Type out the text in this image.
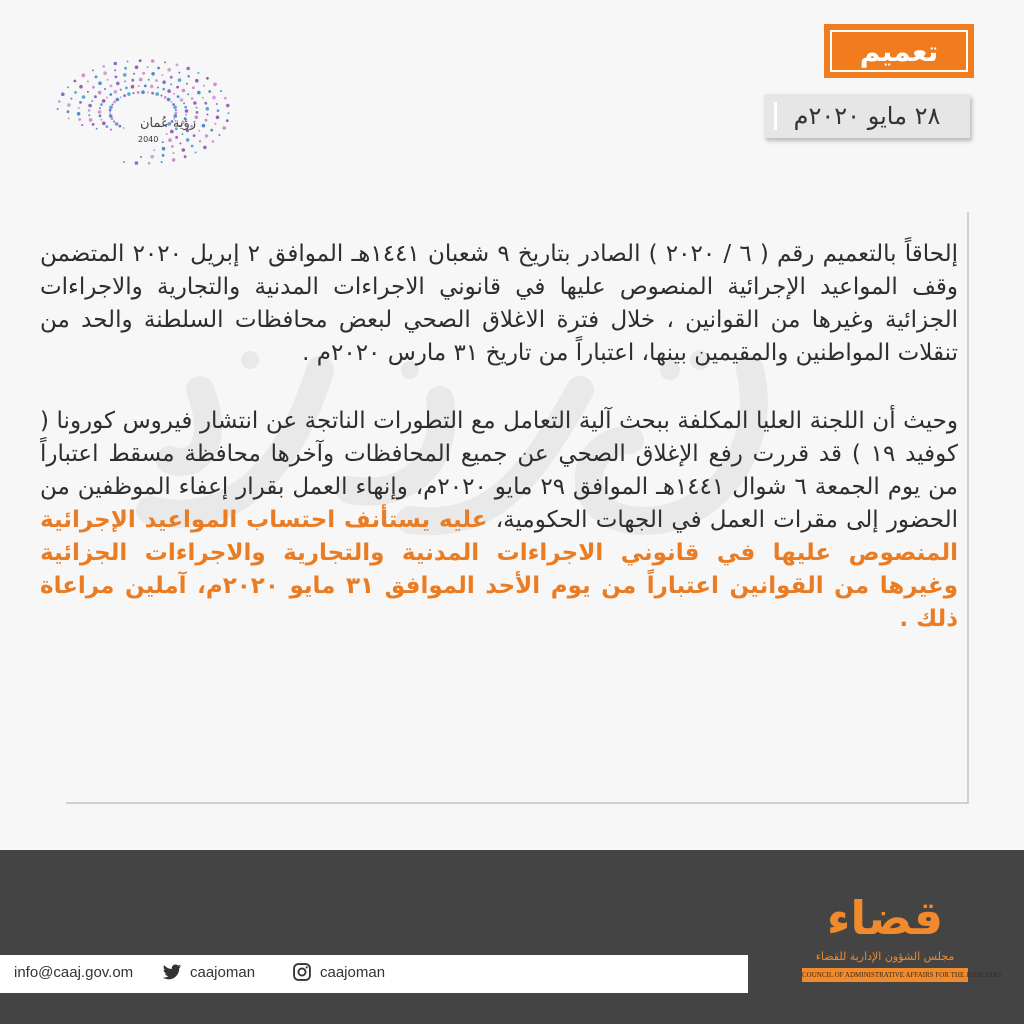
رؤية عُمان
2040
تعميم
٢٨ مايو ٢٠٢٠م

إلحاقاً بالتعميم رقم ( ٦ / ٢٠٢٠ ) الصادر بتاريخ ٩ شعبان ١٤٤١هـ الموافق ٢ إبريل ٢٠٢٠ المتضمن وقف المواعيد الإجرائية المنصوص عليها في قانوني الاجراءات المدنية والتجارية والاجراءات الجزائية وغيرها من القوانين ، خلال فترة الاغلاق الصحي لبعض محافظات السلطنة والحد من تنقلات المواطنين والمقيمين بينها، اعتباراً من تاريخ ٣١ مارس ٢٠٢٠م .

وحيث أن اللجنة العليا المكلفة ببحث آلية التعامل مع التطورات الناتجة عن انتشار فيروس كورونا ( كوفيد ١٩ ) قد قررت رفع الإغلاق الصحي عن جميع المحافظات وآخرها محافظة مسقط اعتباراً من يوم الجمعة ٦ شوال ١٤٤١هـ الموافق ٢٩ مايو ٢٠٢٠م، وإنهاء العمل بقرار إعفاء الموظفين من الحضور إلى مقرات العمل في الجهات الحكومية، عليه يستأنف احتساب المواعيد الإجرائية المنصوص عليها في قانوني الاجراءات المدنية والتجارية والاجراءات الجزائية وغيرها من القوانين اعتباراً من يوم الأحد الموافق ٣١ مايو ٢٠٢٠م، آملين مراعاة ذلك .

info@caaj.gov.om	caajoman	caajoman
قضاء
مجلس الشؤون الإدارية للقضاء
COUNCIL OF ADMINISTRATIVE AFFAIRS FOR THE JUDICIARY
